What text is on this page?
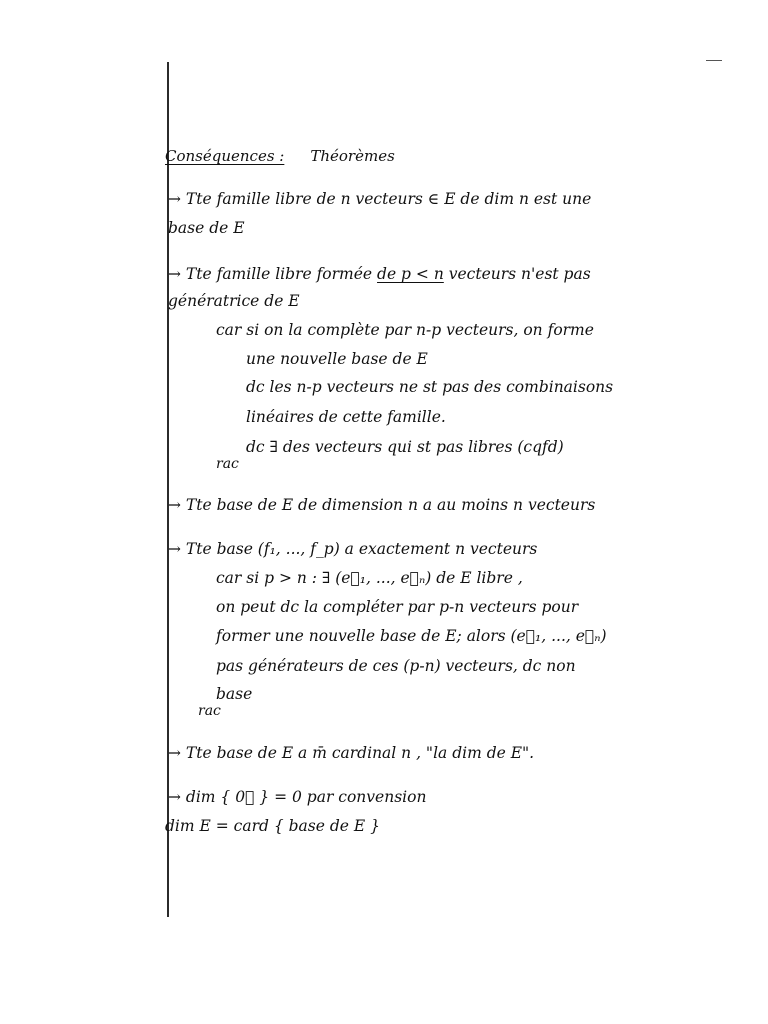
Conséquences : Théorèmes
→ Tte famille libre de n vecteurs ∈ E de dim n est une
base de E
→ Tte famille libre formée de p < n vecteurs n'est pas
génératrice de E
car si on la complète par n-p vecteurs, on forme
une nouvelle base de E
dc les n-p vecteurs ne st pas des combinaisons
linéaires de cette famille.
dc ∃ des vecteurs qui st pas libres (cqfd)
rac
→ Tte base de E de dimension n a au moins n vecteurs
→ Tte base (f₁, ..., f_p) a exactement n vecteurs
car si p > n : ∃ (e⃗₁, ..., e⃗ₙ) de E libre ,
on peut dc la compléter par p-n vecteurs pour
former une nouvelle base de E; alors (e⃗₁, ..., e⃗ₙ)
pas générateurs de ces (p-n) vecteurs, dc non
base
rac
→ Tte base de E a m̄ cardinal n , "la dim de E".
→ dim { 0⃗ } = 0 par convension
dim E = card { base de E }
